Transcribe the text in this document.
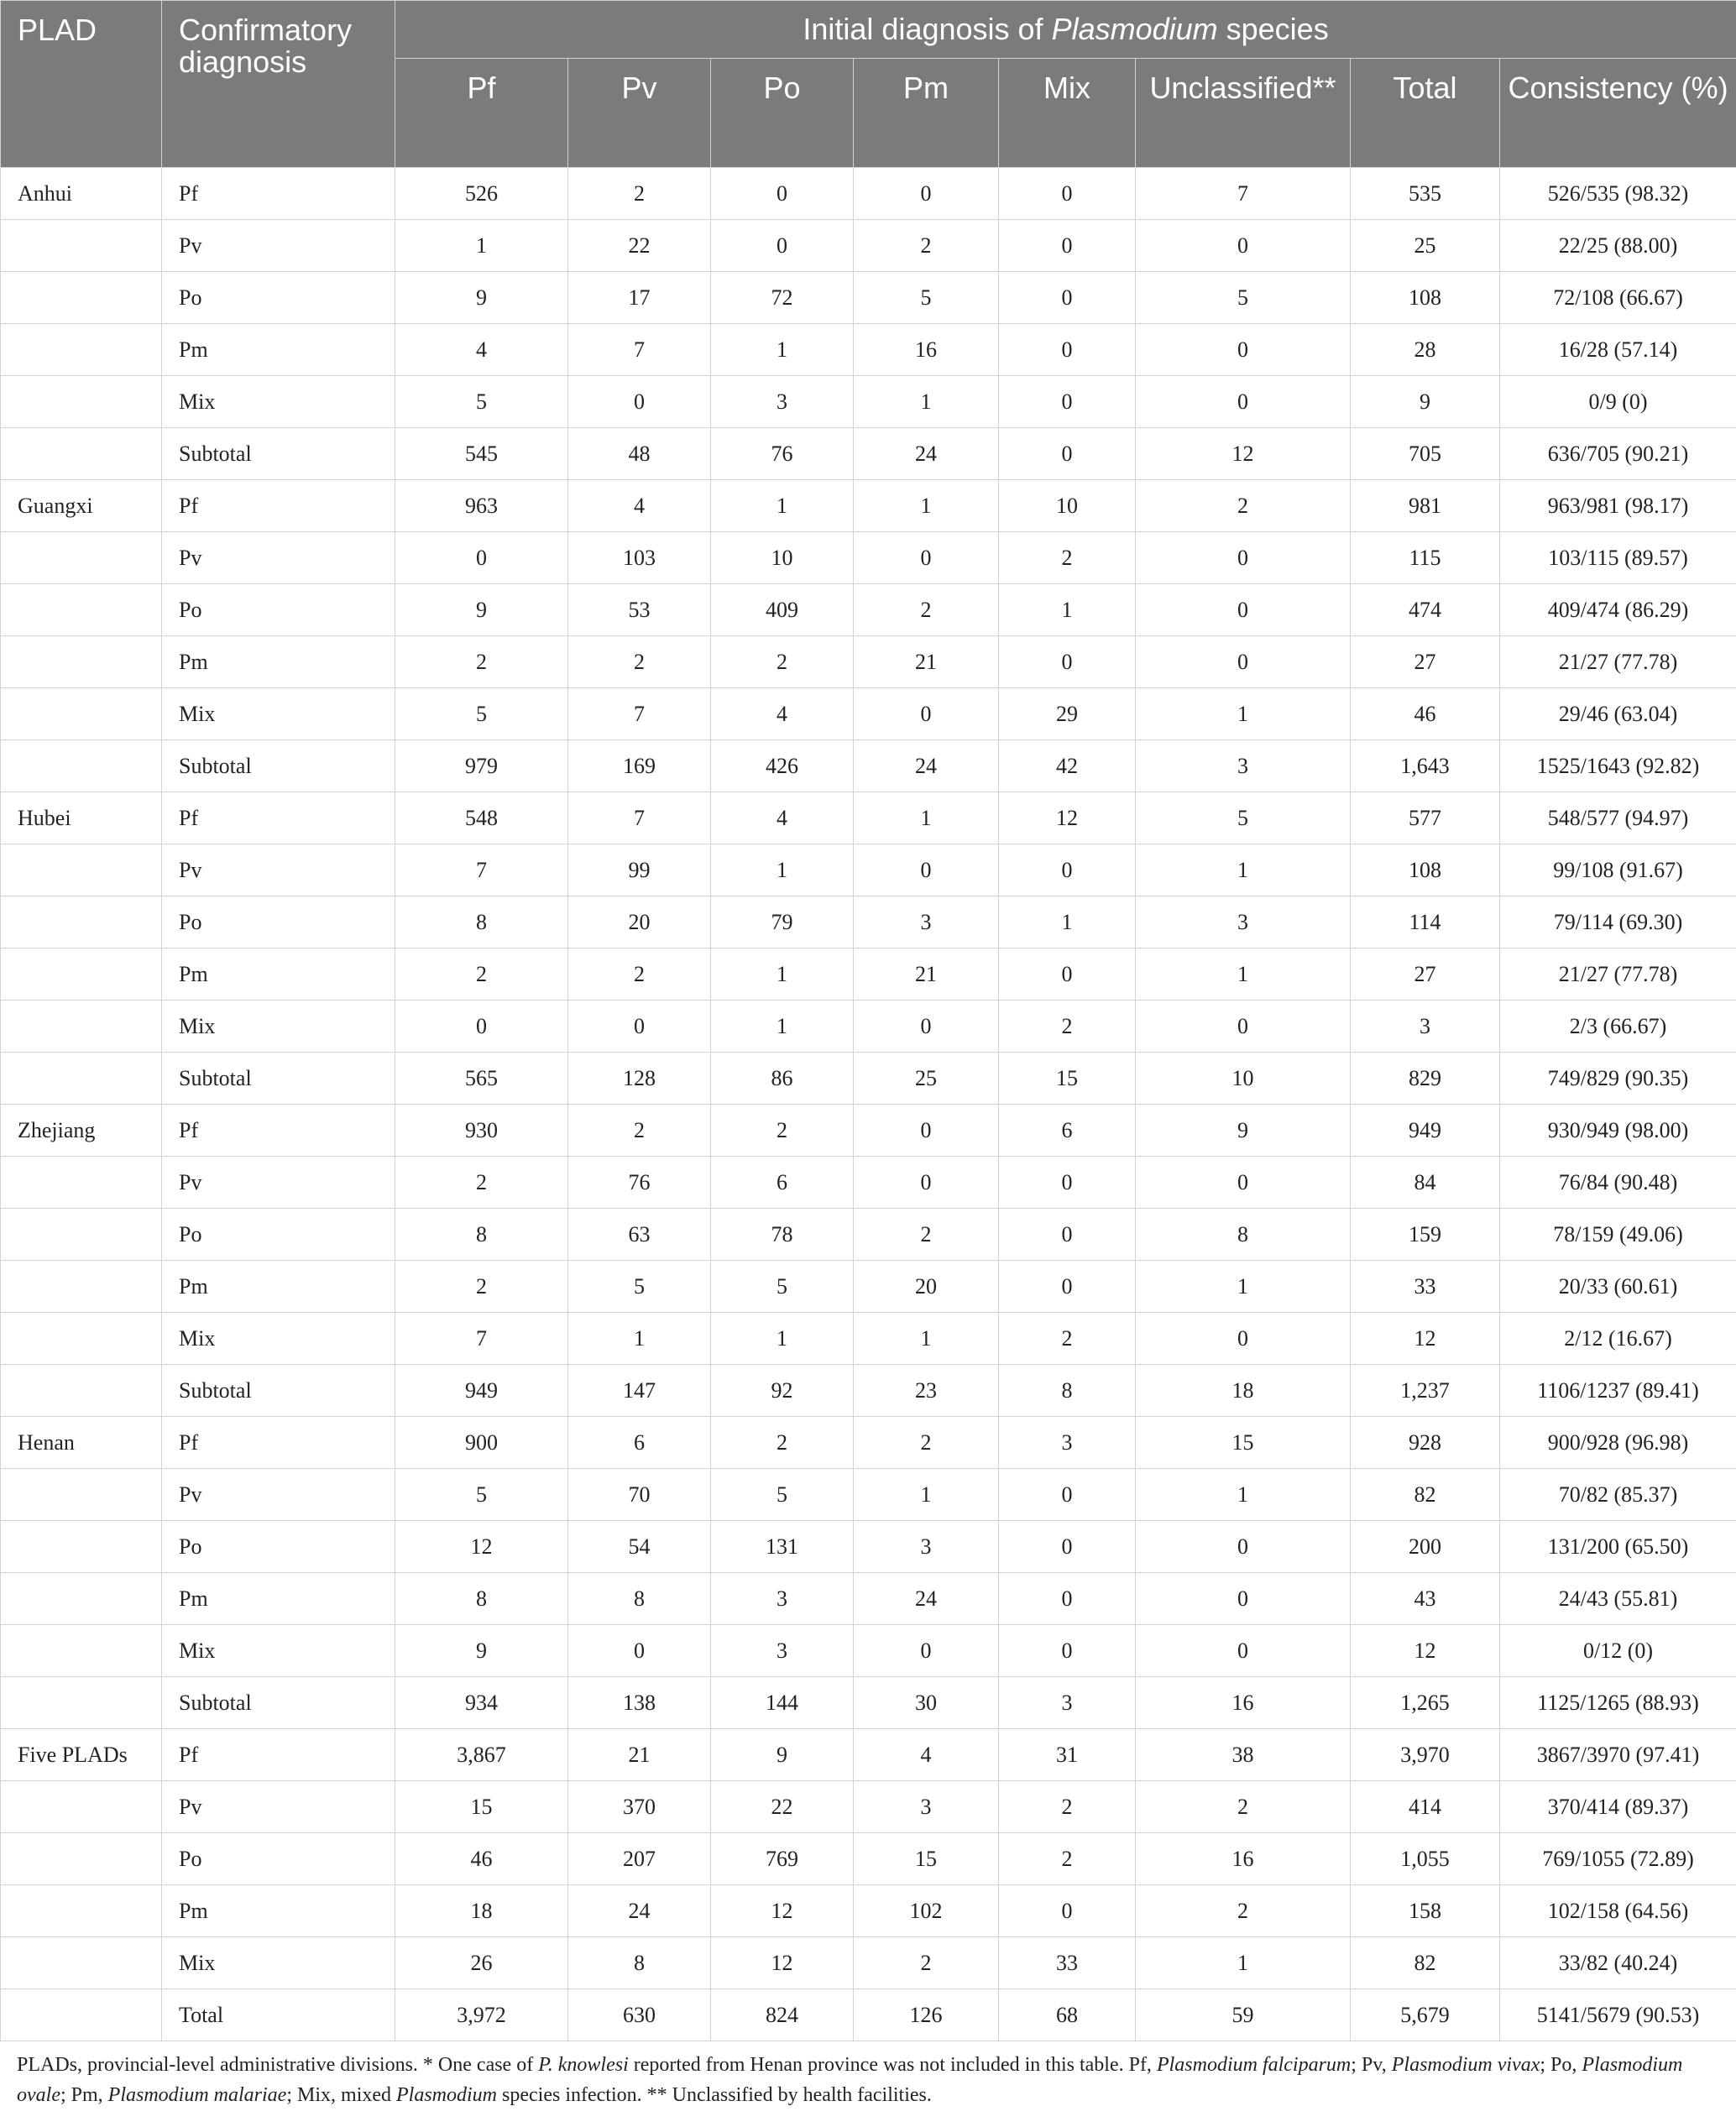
PLAD	Confirmatory diagnosis	Initial diagnosis of Plasmodium species							
		Pf	Pv	Po	Pm	Mix	Unclassified**	Total	Consistency (%)
Anhui	Pf	526	2	0	0	0	7	535	526/535 (98.32)
	Pv	1	22	0	2	0	0	25	22/25 (88.00)
	Po	9	17	72	5	0	5	108	72/108 (66.67)
	Pm	4	7	1	16	0	0	28	16/28 (57.14)
	Mix	5	0	3	1	0	0	9	0/9 (0)
	Subtotal	545	48	76	24	0	12	705	636/705 (90.21)
Guangxi	Pf	963	4	1	1	10	2	981	963/981 (98.17)
	Pv	0	103	10	0	2	0	115	103/115 (89.57)
	Po	9	53	409	2	1	0	474	409/474 (86.29)
	Pm	2	2	2	21	0	0	27	21/27 (77.78)
	Mix	5	7	4	0	29	1	46	29/46 (63.04)
	Subtotal	979	169	426	24	42	3	1,643	1525/1643 (92.82)
Hubei	Pf	548	7	4	1	12	5	577	548/577 (94.97)
	Pv	7	99	1	0	0	1	108	99/108 (91.67)
	Po	8	20	79	3	1	3	114	79/114 (69.30)
	Pm	2	2	1	21	0	1	27	21/27 (77.78)
	Mix	0	0	1	0	2	0	3	2/3 (66.67)
	Subtotal	565	128	86	25	15	10	829	749/829 (90.35)
Zhejiang	Pf	930	2	2	0	6	9	949	930/949 (98.00)
	Pv	2	76	6	0	0	0	84	76/84 (90.48)
	Po	8	63	78	2	0	8	159	78/159 (49.06)
	Pm	2	5	5	20	0	1	33	20/33 (60.61)
	Mix	7	1	1	1	2	0	12	2/12 (16.67)
	Subtotal	949	147	92	23	8	18	1,237	1106/1237 (89.41)
Henan	Pf	900	6	2	2	3	15	928	900/928 (96.98)
	Pv	5	70	5	1	0	1	82	70/82 (85.37)
	Po	12	54	131	3	0	0	200	131/200 (65.50)
	Pm	8	8	3	24	0	0	43	24/43 (55.81)
	Mix	9	0	3	0	0	0	12	0/12 (0)
	Subtotal	934	138	144	30	3	16	1,265	1125/1265 (88.93)
Five PLADs	Pf	3,867	21	9	4	31	38	3,970	3867/3970 (97.41)
	Pv	15	370	22	3	2	2	414	370/414 (89.37)
	Po	46	207	769	15	2	16	1,055	769/1055 (72.89)
	Pm	18	24	12	102	0	2	158	102/158 (64.56)
	Mix	26	8	12	2	33	1	82	33/82 (40.24)
	Total	3,972	630	824	126	68	59	5,679	5141/5679 (90.53)
PLADs, provincial-level administrative divisions. * One case of P. knowlesi reported from Henan province was not included in this table. Pf, Plasmodium falciparum; Pv, Plasmodium vivax; Po, Plasmodium ovale; Pm, Plasmodium malariae; Mix, mixed Plasmodium species infection. ** Unclassified by health facilities.
